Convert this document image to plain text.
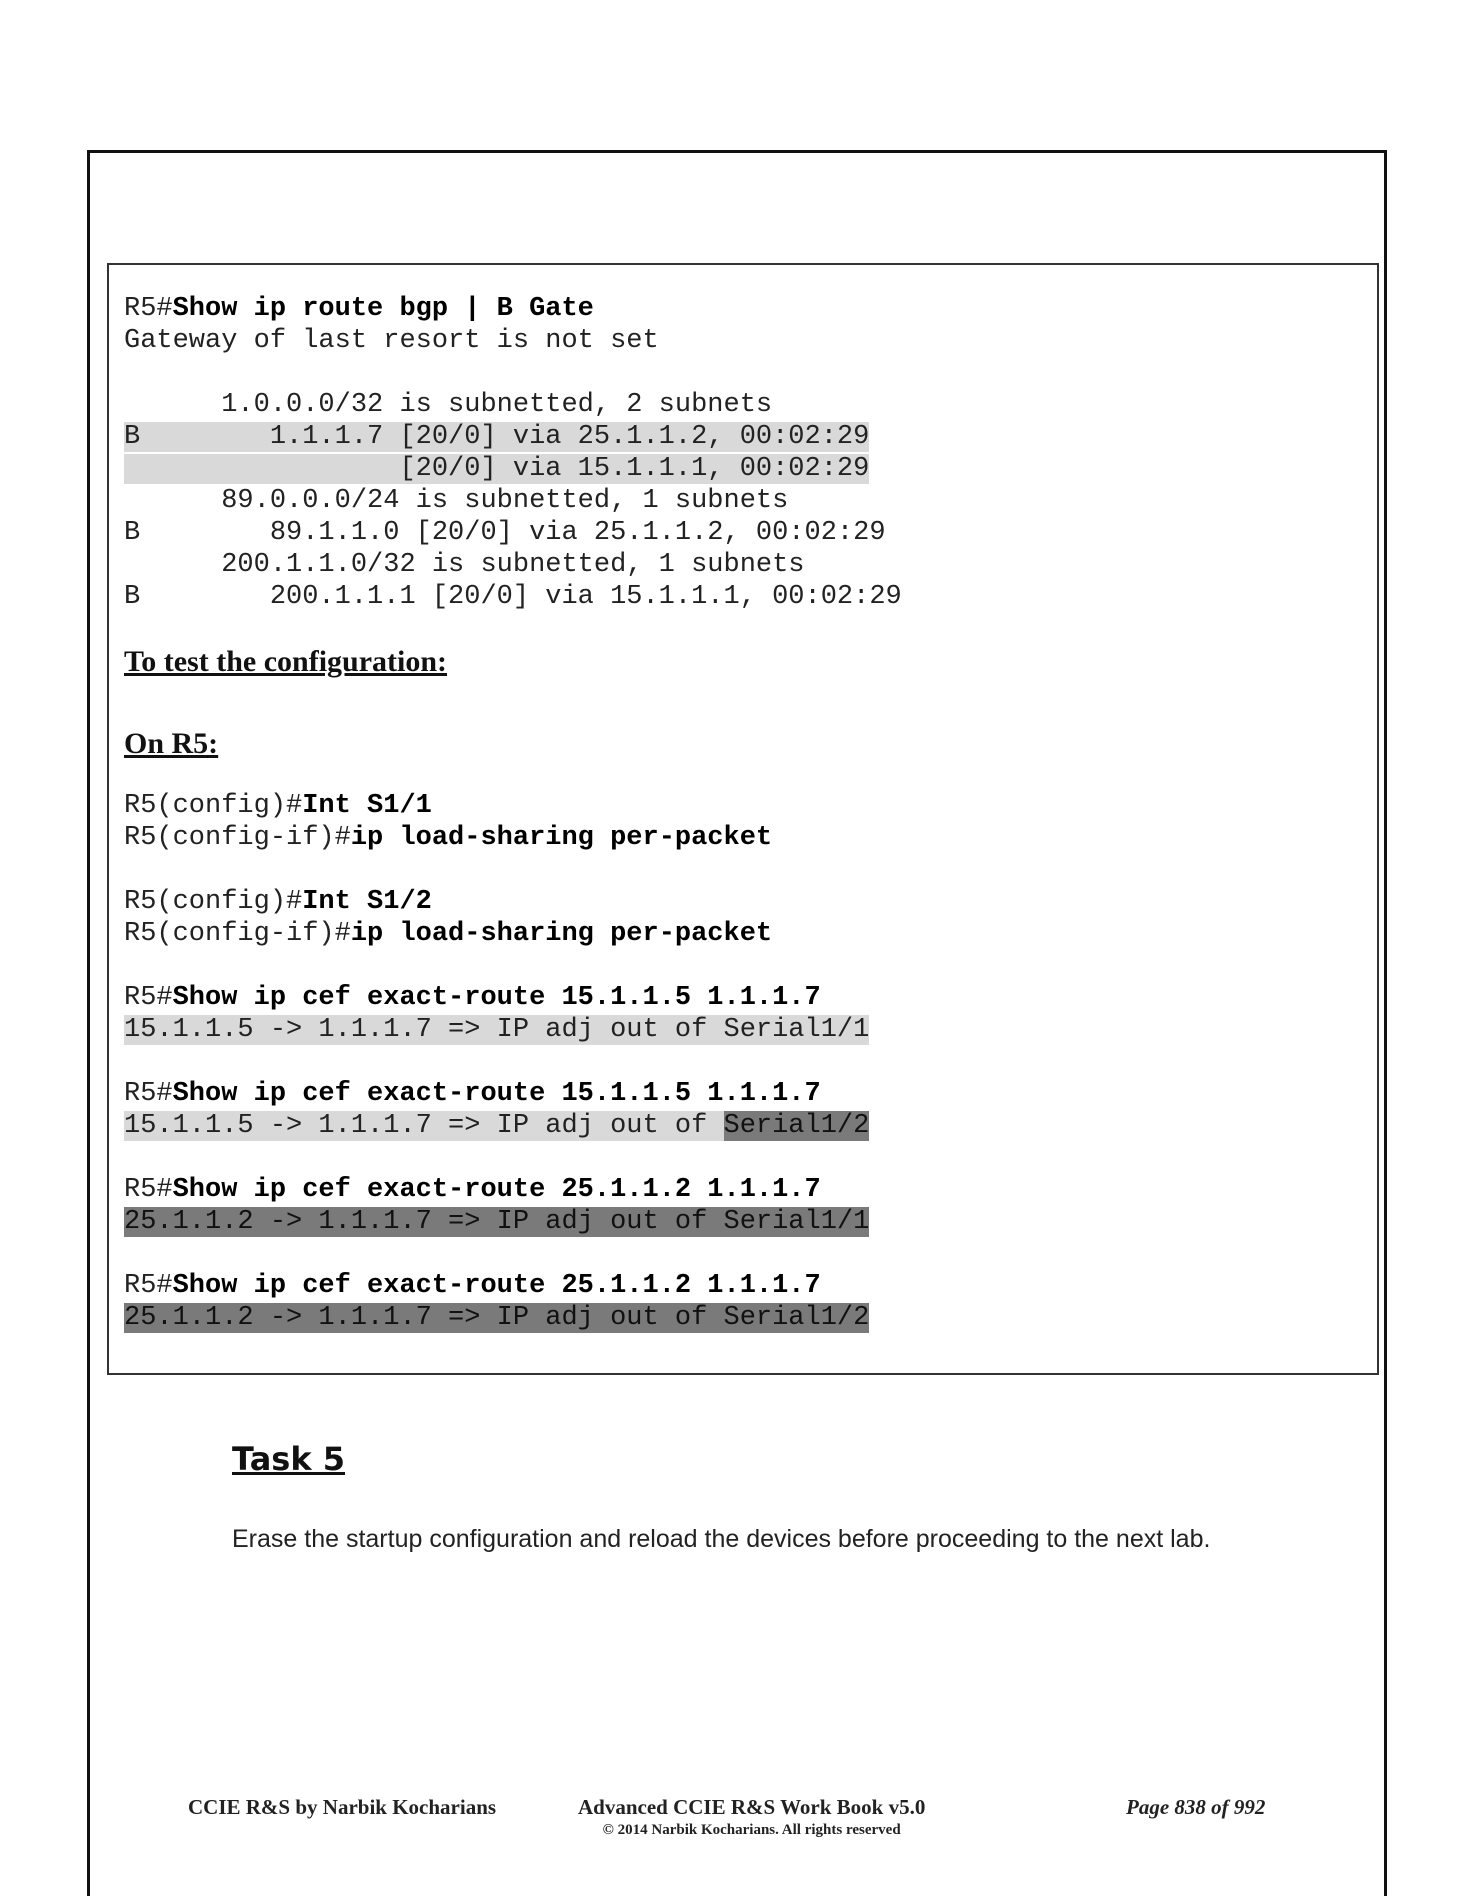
R5#Show ip route bgp | B Gate
Gateway of last resort is not set
1.0.0.0/32 is subnetted, 2 subnets
B        1.1.1.7 [20/0] via 25.1.1.2, 00:02:29
[20/0] via 15.1.1.1, 00:02:29
89.0.0.0/24 is subnetted, 1 subnets
B        89.1.1.0 [20/0] via 25.1.1.2, 00:02:29
200.1.1.0/32 is subnetted, 1 subnets
B        200.1.1.1 [20/0] via 15.1.1.1, 00:02:29
To test the configuration:
On R5:
R5(config)#Int S1/1
R5(config-if)#ip load-sharing per-packet
R5(config)#Int S1/2
R5(config-if)#ip load-sharing per-packet
R5#Show ip cef exact-route 15.1.1.5 1.1.1.7
15.1.1.5 -> 1.1.1.7 => IP adj out of Serial1/1
R5#Show ip cef exact-route 15.1.1.5 1.1.1.7
15.1.1.5 -> 1.1.1.7 => IP adj out of Serial1/2
R5#Show ip cef exact-route 25.1.1.2 1.1.1.7
25.1.1.2 -> 1.1.1.7 => IP adj out of Serial1/1
R5#Show ip cef exact-route 25.1.1.2 1.1.1.7
25.1.1.2 -> 1.1.1.7 => IP adj out of Serial1/2
Task 5
Erase the startup configuration and reload the devices before proceeding to the next lab.
CCIE R&S by Narbik Kocharians	Advanced CCIE R&S Work Book v5.0
© 2014 Narbik Kocharians. All rights reserved
Page 838 of 992
